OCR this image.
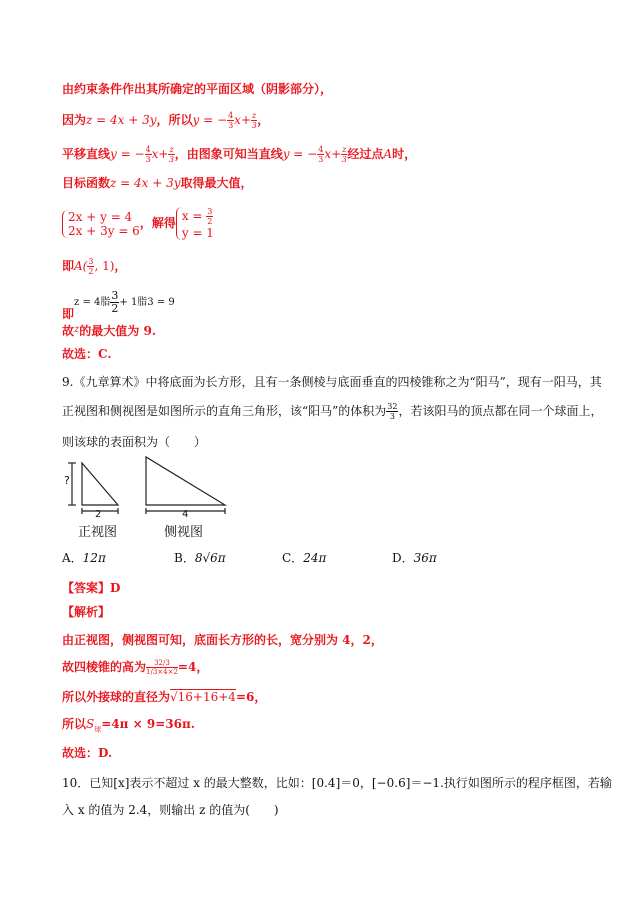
由约束条件作出其所确定的平面区域（阴影部分），
因为z = 4x + 3y，所以y = − $\frac{4}{3} x+ \frac{z}{3}$ ，
平移直线y = − $\frac{4}{3} x+ \frac{z}{3}$ ，由图象可知当直线y = − $\frac{4}{3} x+ \frac{z}{3}$ 经过点A时，
目标函数z = 4x + 3y取得最大值，
2x + y = 4
2x + 3y = 6
，解得 $x = \frac{3}{2}$
y = 1
即$A( \frac{3}{2}$ , 1)，
即$^{z = 4脂 \frac{3}{2} + 1脂3 = 9}$
故$^z$的最大值为 9.
故选：C.
9.《九章算术》中将底面为长方形，且有一条侧棱与底面垂直的四棱锥称之为“阳马”，现有一阳马，其
正视图和侧视图是如图所示的直角三角形，该“阳马”的体积为 $\frac{32}{3}$ ，若该阳马的顶点都在同一个球面上，
则该球的表面积为（　　）
?
2	4
正视图	侧视图
A．12π	B．8√6π	C．24π	D．36π
【答案】D
【解析】
由正视图，侧视图可知，底面长方形的长，宽分别为 4，2，
故四棱锥的高为 $\frac{32/3}{1/3\times 4\times 2} =4$，
所以外接球的直径为√16+16+4=6，
所以$S_球=4\pi \times 9=36\pi$.
故选：D.
10．已知[x]表示不超过 x 的最大整数，比如：[0.4]＝0，[−0.6]＝−1.执行如图所示的程序框图，若输
入 x 的值为 2.4，则输出 z 的值为(　　)
